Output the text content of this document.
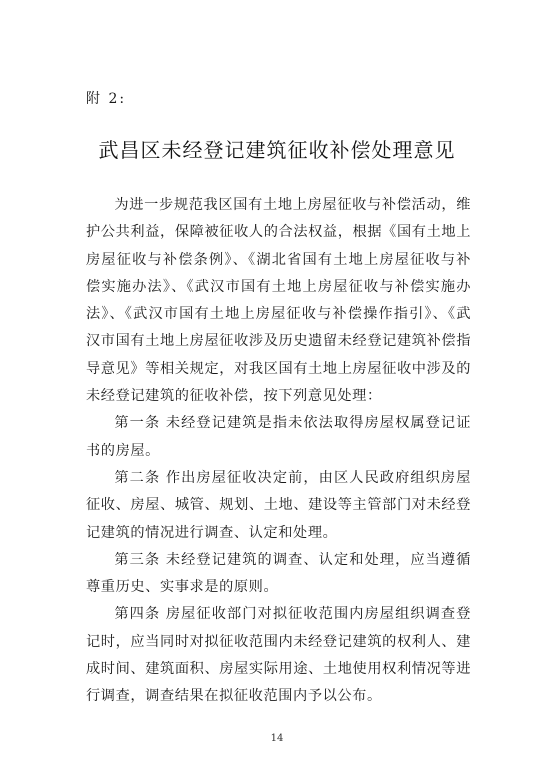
附 2:
武昌区未经登记建筑征收补偿处理意见

为进一步规范我区国有土地上房屋征收与补偿活动，维护公共利益，保障被征收人的合法权益，根据《国有土地上房屋征收与补偿条例》、《湖北省国有土地上房屋征收与补偿实施办法》、《武汉市国有土地上房屋征收与补偿实施办法》、《武汉市国有土地上房屋征收与补偿操作指引》、《武汉市国有土地上房屋征收涉及历史遗留未经登记建筑补偿指导意见》等相关规定，对我区国有土地上房屋征收中涉及的未经登记建筑的征收补偿，按下列意见处理：

第一条 未经登记建筑是指未依法取得房屋权属登记证书的房屋。

第二条 作出房屋征收决定前，由区人民政府组织房屋征收、房屋、城管、规划、土地、建设等主管部门对未经登记建筑的情况进行调查、认定和处理。

第三条 未经登记建筑的调查、认定和处理，应当遵循尊重历史、实事求是的原则。

第四条 房屋征收部门对拟征收范围内房屋组织调查登记时，应当同时对拟征收范围内未经登记建筑的权利人、建成时间、建筑面积、房屋实际用途、土地使用权利情况等进行调查，调查结果在拟征收范围内予以公布。

14
